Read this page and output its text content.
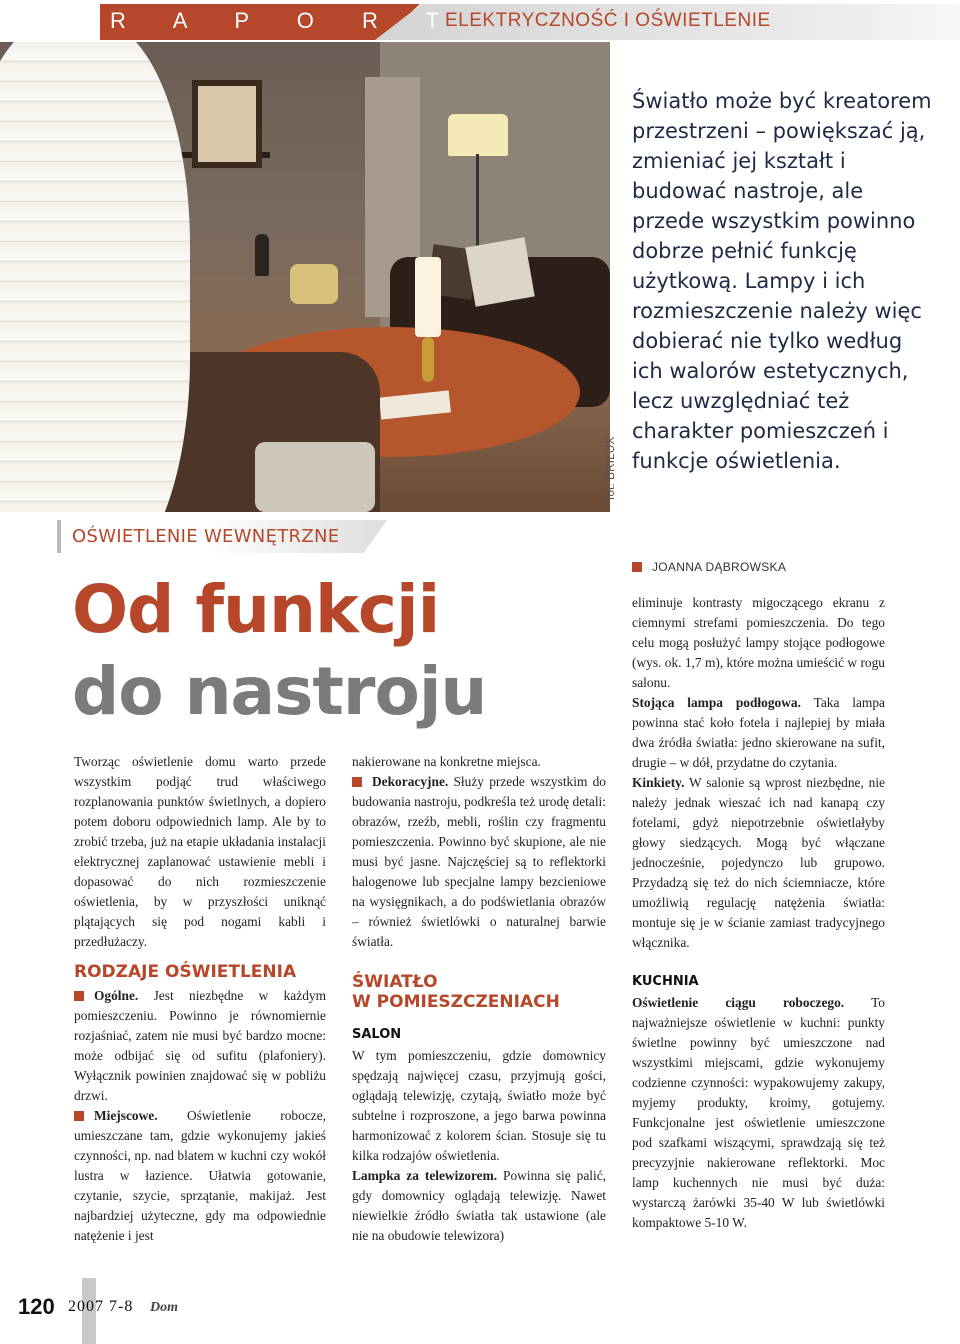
R A P O R T
ELEKTRYCZNOŚĆ I OŚWIETLENIE
fot. BRILUX
Światło może być kreatorem przestrzeni – powiększać ją, zmieniać jej kształt i budować nastroje, ale przede wszystkim powinno dobrze pełnić funkcję użytkową. Lampy i ich rozmieszczenie należy więc dobierać nie tylko według ich walorów estetycznych, lecz uwzględniać też charakter pomieszczeń i funkcje oświetlenia.
JOANNA DĄBROWSKA
OŚWIETLENIE WEWNĘTRZNE
Od funkcji
do nastroju

Tworząc oświetlenie domu warto przede wszystkim podjąć trud właściwego rozplanowania punktów świetlnych, a dopiero potem doboru odpowiednich lamp. Ale by to zrobić trzeba, już na etapie układania instalacji elektrycznej zaplanować ustawienie mebli i dopasować do nich rozmieszczenie oświetlenia, by w przyszłości uniknąć plątających się pod nogami kabli i przedłużaczy.

RODZAJE OŚWIETLENIA

Ogólne. Jest niezbędne w każdym pomieszczeniu. Powinno je równomiernie rozjaśniać, zatem nie musi być bardzo mocne: może odbijać się od sufitu (plafoniery). Wyłącznik powinien znajdować się w pobliżu drzwi.

Miejscowe. Oświetlenie robocze, umieszczane tam, gdzie wykonujemy jakieś czynności, np. nad blatem w kuchni czy wokół lustra w łazience. Ułatwia gotowanie, czytanie, szycie, sprzątanie, makijaż. Jest najbardziej użyteczne, gdy ma odpowiednie natężenie i jest

nakierowane na konkretne miejsca.

Dekoracyjne. Służy przede wszystkim do budowania nastroju, podkreśla też urodę detali: obrazów, rzeźb, mebli, roślin czy fragmentu pomieszczenia. Powinno być skupione, ale nie musi być jasne. Najczęściej są to reflektorki halogenowe lub specjalne lampy bezcieniowe na wysięgnikach, a do podświetlania obrazów – również świetlówki o naturalnej barwie światła.

ŚWIATŁO
W POMIESZCZENIACH
SALON

W tym pomieszczeniu, gdzie domownicy spędzają najwięcej czasu, przyjmują gości, oglądają telewizję, czytają, światło może być subtelne i rozproszone, a jego barwa powinna harmonizować z kolorem ścian. Stosuje się tu kilka rodzajów oświetlenia.

Lampka za telewizorem. Powinna się palić, gdy domownicy oglądają telewizję. Nawet niewielkie źródło światła tak ustawione (ale nie na obudowie telewizora)

eliminuje kontrasty migoczącego ekranu z ciemnymi strefami pomieszczenia. Do tego celu mogą posłużyć lampy stojące podłogowe (wys. ok. 1,7 m), które można umieścić w rogu salonu.

Stojąca lampa podłogowa. Taka lampa powinna stać koło fotela i najlepiej by miała dwa źródła światła: jedno skierowane na sufit, drugie – w dół, przydatne do czytania.

Kinkiety. W salonie są wprost niezbędne, nie należy jednak wieszać ich nad kanapą czy fotelami, gdyż niepotrzebnie oświetlałyby głowy siedzących. Mogą być włączane jednocześnie, pojedynczo lub grupowo. Przydadzą się też do nich ściemniacze, które umożliwią regulację natężenia światła: montuje się je w ścianie zamiast tradycyjnego włącznika.

KUCHNIA

Oświetlenie ciągu roboczego. To najważniejsze oświetlenie w kuchni: punkty świetlne powinny być umieszczone nad wszystkimi miejscami, gdzie wykonujemy codzienne czynności: wypakowujemy zakupy, myjemy produkty, kroimy, gotujemy. Funkcjonalne jest oświetlenie umieszczone pod szafkami wiszącymi, sprawdzają się też precyzyjnie nakierowane reflektorki. Moc lamp kuchennych nie musi być duża: wystarczą żarówki 35-40 W lub świetlówki kompaktowe 5-10 W.

120 2007 7-8 Dom
